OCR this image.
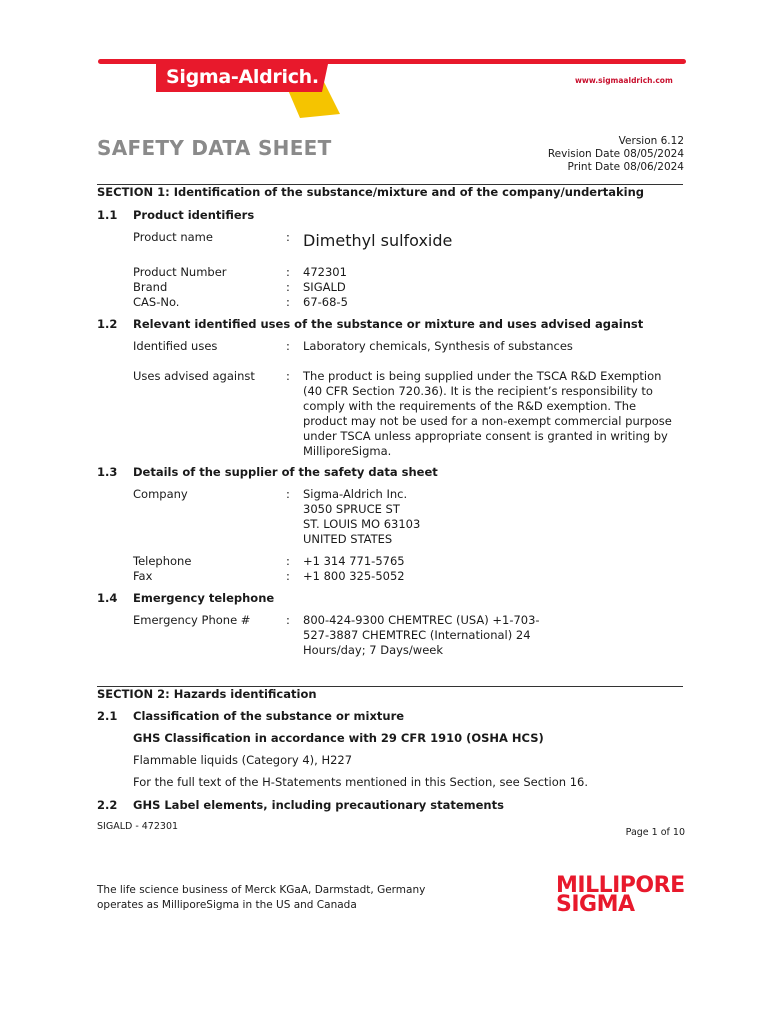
Sigma-Aldrich.	www.sigmaaldrich.com
SAFETY DATA SHEET	Version 6.12
Revision Date 08/05/2024
Print Date 08/06/2024
SECTION 1: Identification of the substance/mixture and of the company/undertaking
1.1 Product identifiers
Product name	: Dimethyl sulfoxide
Product Number	: 472301
Brand	: SIGALD
CAS-No.	: 67-68-5
1.2 Relevant identified uses of the substance or mixture and uses advised against
Identified uses	: Laboratory chemicals, Synthesis of substances
Uses advised against	: The product is being supplied under the TSCA R&D Exemption
(40 CFR Section 720.36). It is the recipient’s responsibility to
comply with the requirements of the R&D exemption. The
product may not be used for a non-exempt commercial purpose
under TSCA unless appropriate consent is granted in writing by
MilliporeSigma.
1.3 Details of the supplier of the safety data sheet
Company	: Sigma-Aldrich Inc.
3050 SPRUCE ST
ST. LOUIS MO 63103
UNITED STATES
Telephone	: +1 314 771-5765
Fax	: +1 800 325-5052
1.4 Emergency telephone
Emergency Phone #	: 800-424-9300 CHEMTREC (USA) +1-703-
527-3887 CHEMTREC (International) 24
Hours/day; 7 Days/week
SECTION 2: Hazards identification
2.1 Classification of the substance or mixture
GHS Classification in accordance with 29 CFR 1910 (OSHA HCS)
Flammable liquids (Category 4), H227
For the full text of the H-Statements mentioned in this Section, see Section 16.
2.2 GHS Label elements, including precautionary statements
SIGALD - 472301
Page 1 of 10
The life science business of Merck KGaA, Darmstadt, Germany
operates as MilliporeSigma in the US and Canada
MILLIPORE
SIGMA
